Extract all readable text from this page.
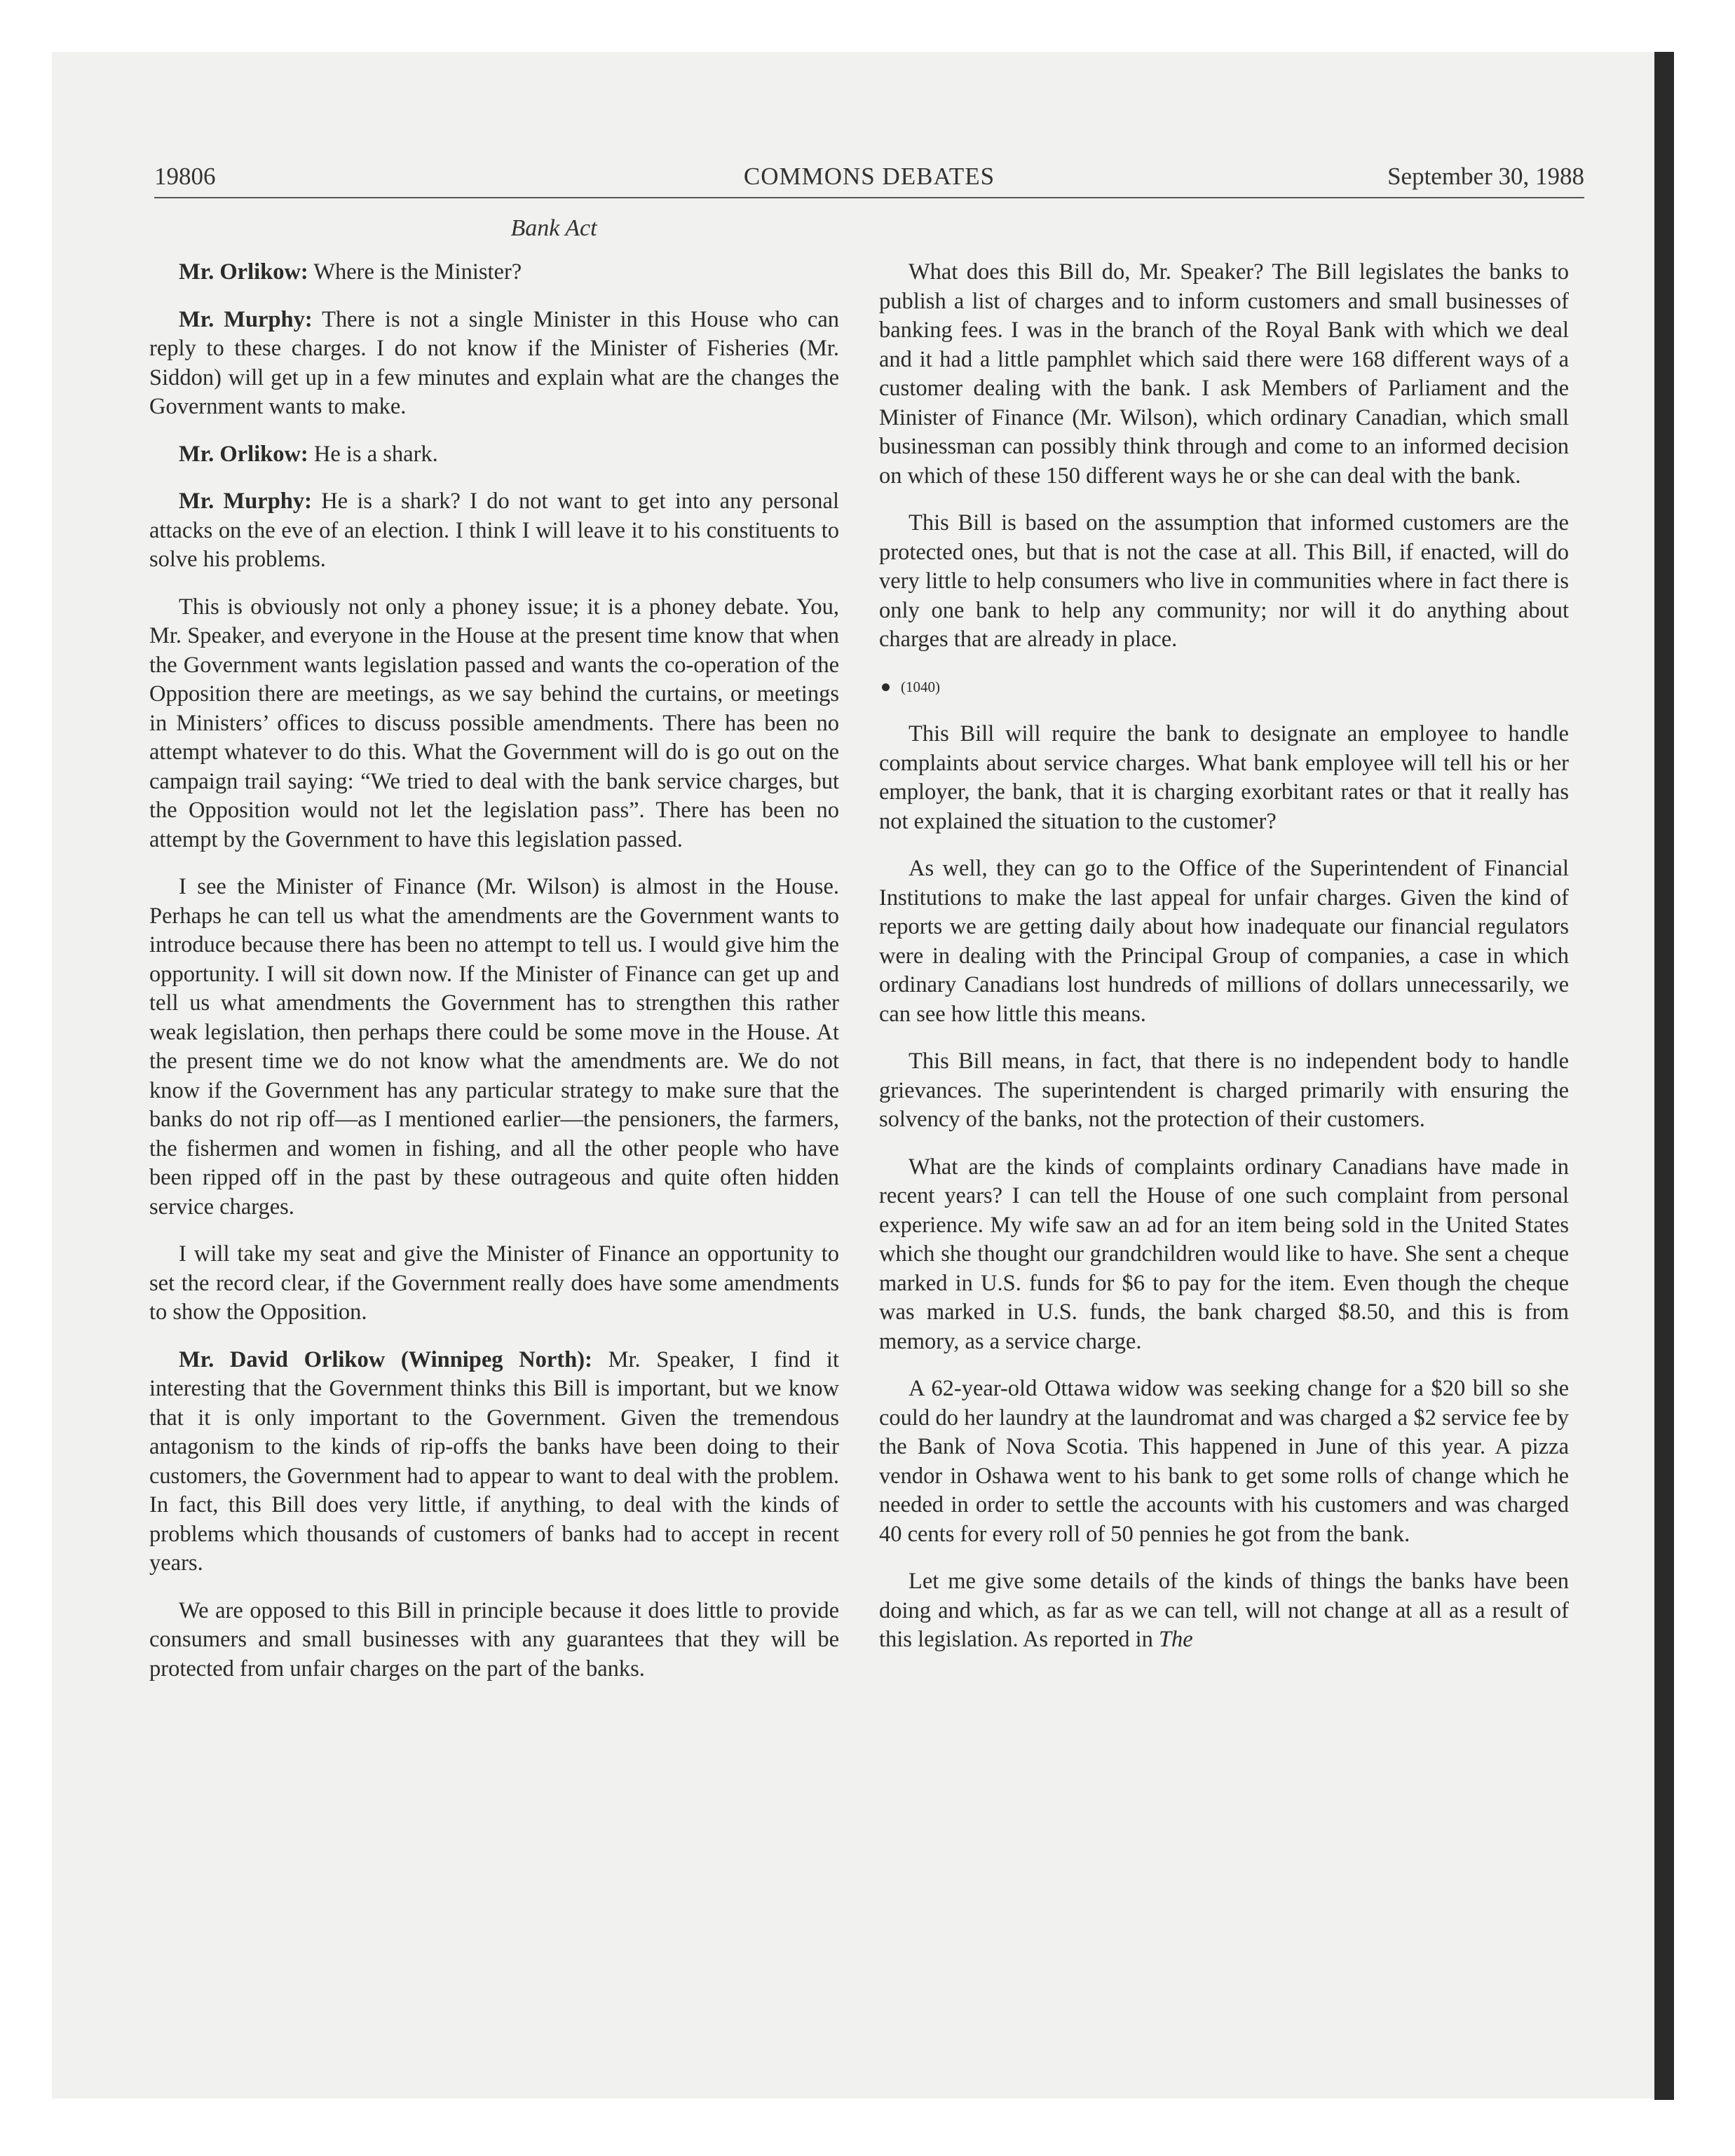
19806	COMMONS DEBATES	September 30, 1988
Bank Act

Mr. Orlikow: Where is the Minister?

Mr. Murphy: There is not a single Minister in this House who can reply to these charges. I do not know if the Minister of Fisheries (Mr. Siddon) will get up in a few minutes and explain what are the changes the Government wants to make.

Mr. Orlikow: He is a shark.

Mr. Murphy: He is a shark? I do not want to get into any personal attacks on the eve of an election. I think I will leave it to his constituents to solve his problems.

This is obviously not only a phoney issue; it is a phoney debate. You, Mr. Speaker, and everyone in the House at the present time know that when the Government wants legislation passed and wants the co-operation of the Opposition there are meetings, as we say behind the curtains, or meetings in Ministers’ offices to discuss possible amendments. There has been no attempt whatever to do this. What the Government will do is go out on the campaign trail saying: “We tried to deal with the bank service charges, but the Opposition would not let the legislation pass”. There has been no attempt by the Government to have this legislation passed.

I see the Minister of Finance (Mr. Wilson) is almost in the House. Perhaps he can tell us what the amendments are the Government wants to introduce because there has been no attempt to tell us. I would give him the opportunity. I will sit down now. If the Minister of Finance can get up and tell us what amendments the Government has to strengthen this rather weak legislation, then perhaps there could be some move in the House. At the present time we do not know what the amendments are. We do not know if the Government has any particular strategy to make sure that the banks do not rip off—as I mentioned earlier—the pensioners, the farmers, the fishermen and women in fishing, and all the other people who have been ripped off in the past by these outrageous and quite often hidden service charges.

I will take my seat and give the Minister of Finance an opportunity to set the record clear, if the Government really does have some amendments to show the Opposition.

Mr. David Orlikow (Winnipeg North): Mr. Speaker, I find it interesting that the Government thinks this Bill is important, but we know that it is only important to the Government. Given the tremendous antagonism to the kinds of rip-offs the banks have been doing to their customers, the Government had to appear to want to deal with the problem. In fact, this Bill does very little, if anything, to deal with the kinds of problems which thousands of customers of banks had to accept in recent years.

We are opposed to this Bill in principle because it does little to provide consumers and small businesses with any guarantees that they will be protected from unfair charges on the part of the banks.

What does this Bill do, Mr. Speaker? The Bill legislates the banks to publish a list of charges and to inform customers and small businesses of banking fees. I was in the branch of the Royal Bank with which we deal and it had a little pamphlet which said there were 168 different ways of a customer dealing with the bank. I ask Members of Parliament and the Minister of Finance (Mr. Wilson), which ordinary Canadian, which small businessman can possibly think through and come to an informed decision on which of these 150 different ways he or she can deal with the bank.

This Bill is based on the assumption that informed customers are the protected ones, but that is not the case at all. This Bill, if enacted, will do very little to help consumers who live in communities where in fact there is only one bank to help any community; nor will it do anything about charges that are already in place.

(1040)

This Bill will require the bank to designate an employee to handle complaints about service charges. What bank employee will tell his or her employer, the bank, that it is charging exorbitant rates or that it really has not explained the situation to the customer?

As well, they can go to the Office of the Superintendent of Financial Institutions to make the last appeal for unfair charges. Given the kind of reports we are getting daily about how inadequate our financial regulators were in dealing with the Principal Group of companies, a case in which ordinary Canadians lost hundreds of millions of dollars unnecessarily, we can see how little this means.

This Bill means, in fact, that there is no independent body to handle grievances. The superintendent is charged primarily with ensuring the solvency of the banks, not the protection of their customers.

What are the kinds of complaints ordinary Canadians have made in recent years? I can tell the House of one such complaint from personal experience. My wife saw an ad for an item being sold in the United States which she thought our grandchildren would like to have. She sent a cheque marked in U.S. funds for $6 to pay for the item. Even though the cheque was marked in U.S. funds, the bank charged $8.50, and this is from memory, as a service charge.

A 62-year-old Ottawa widow was seeking change for a $20 bill so she could do her laundry at the laundromat and was charged a $2 service fee by the Bank of Nova Scotia. This happened in June of this year. A pizza vendor in Oshawa went to his bank to get some rolls of change which he needed in order to settle the accounts with his customers and was charged 40 cents for every roll of 50 pennies he got from the bank.

Let me give some details of the kinds of things the banks have been doing and which, as far as we can tell, will not change at all as a result of this legislation. As reported in The
